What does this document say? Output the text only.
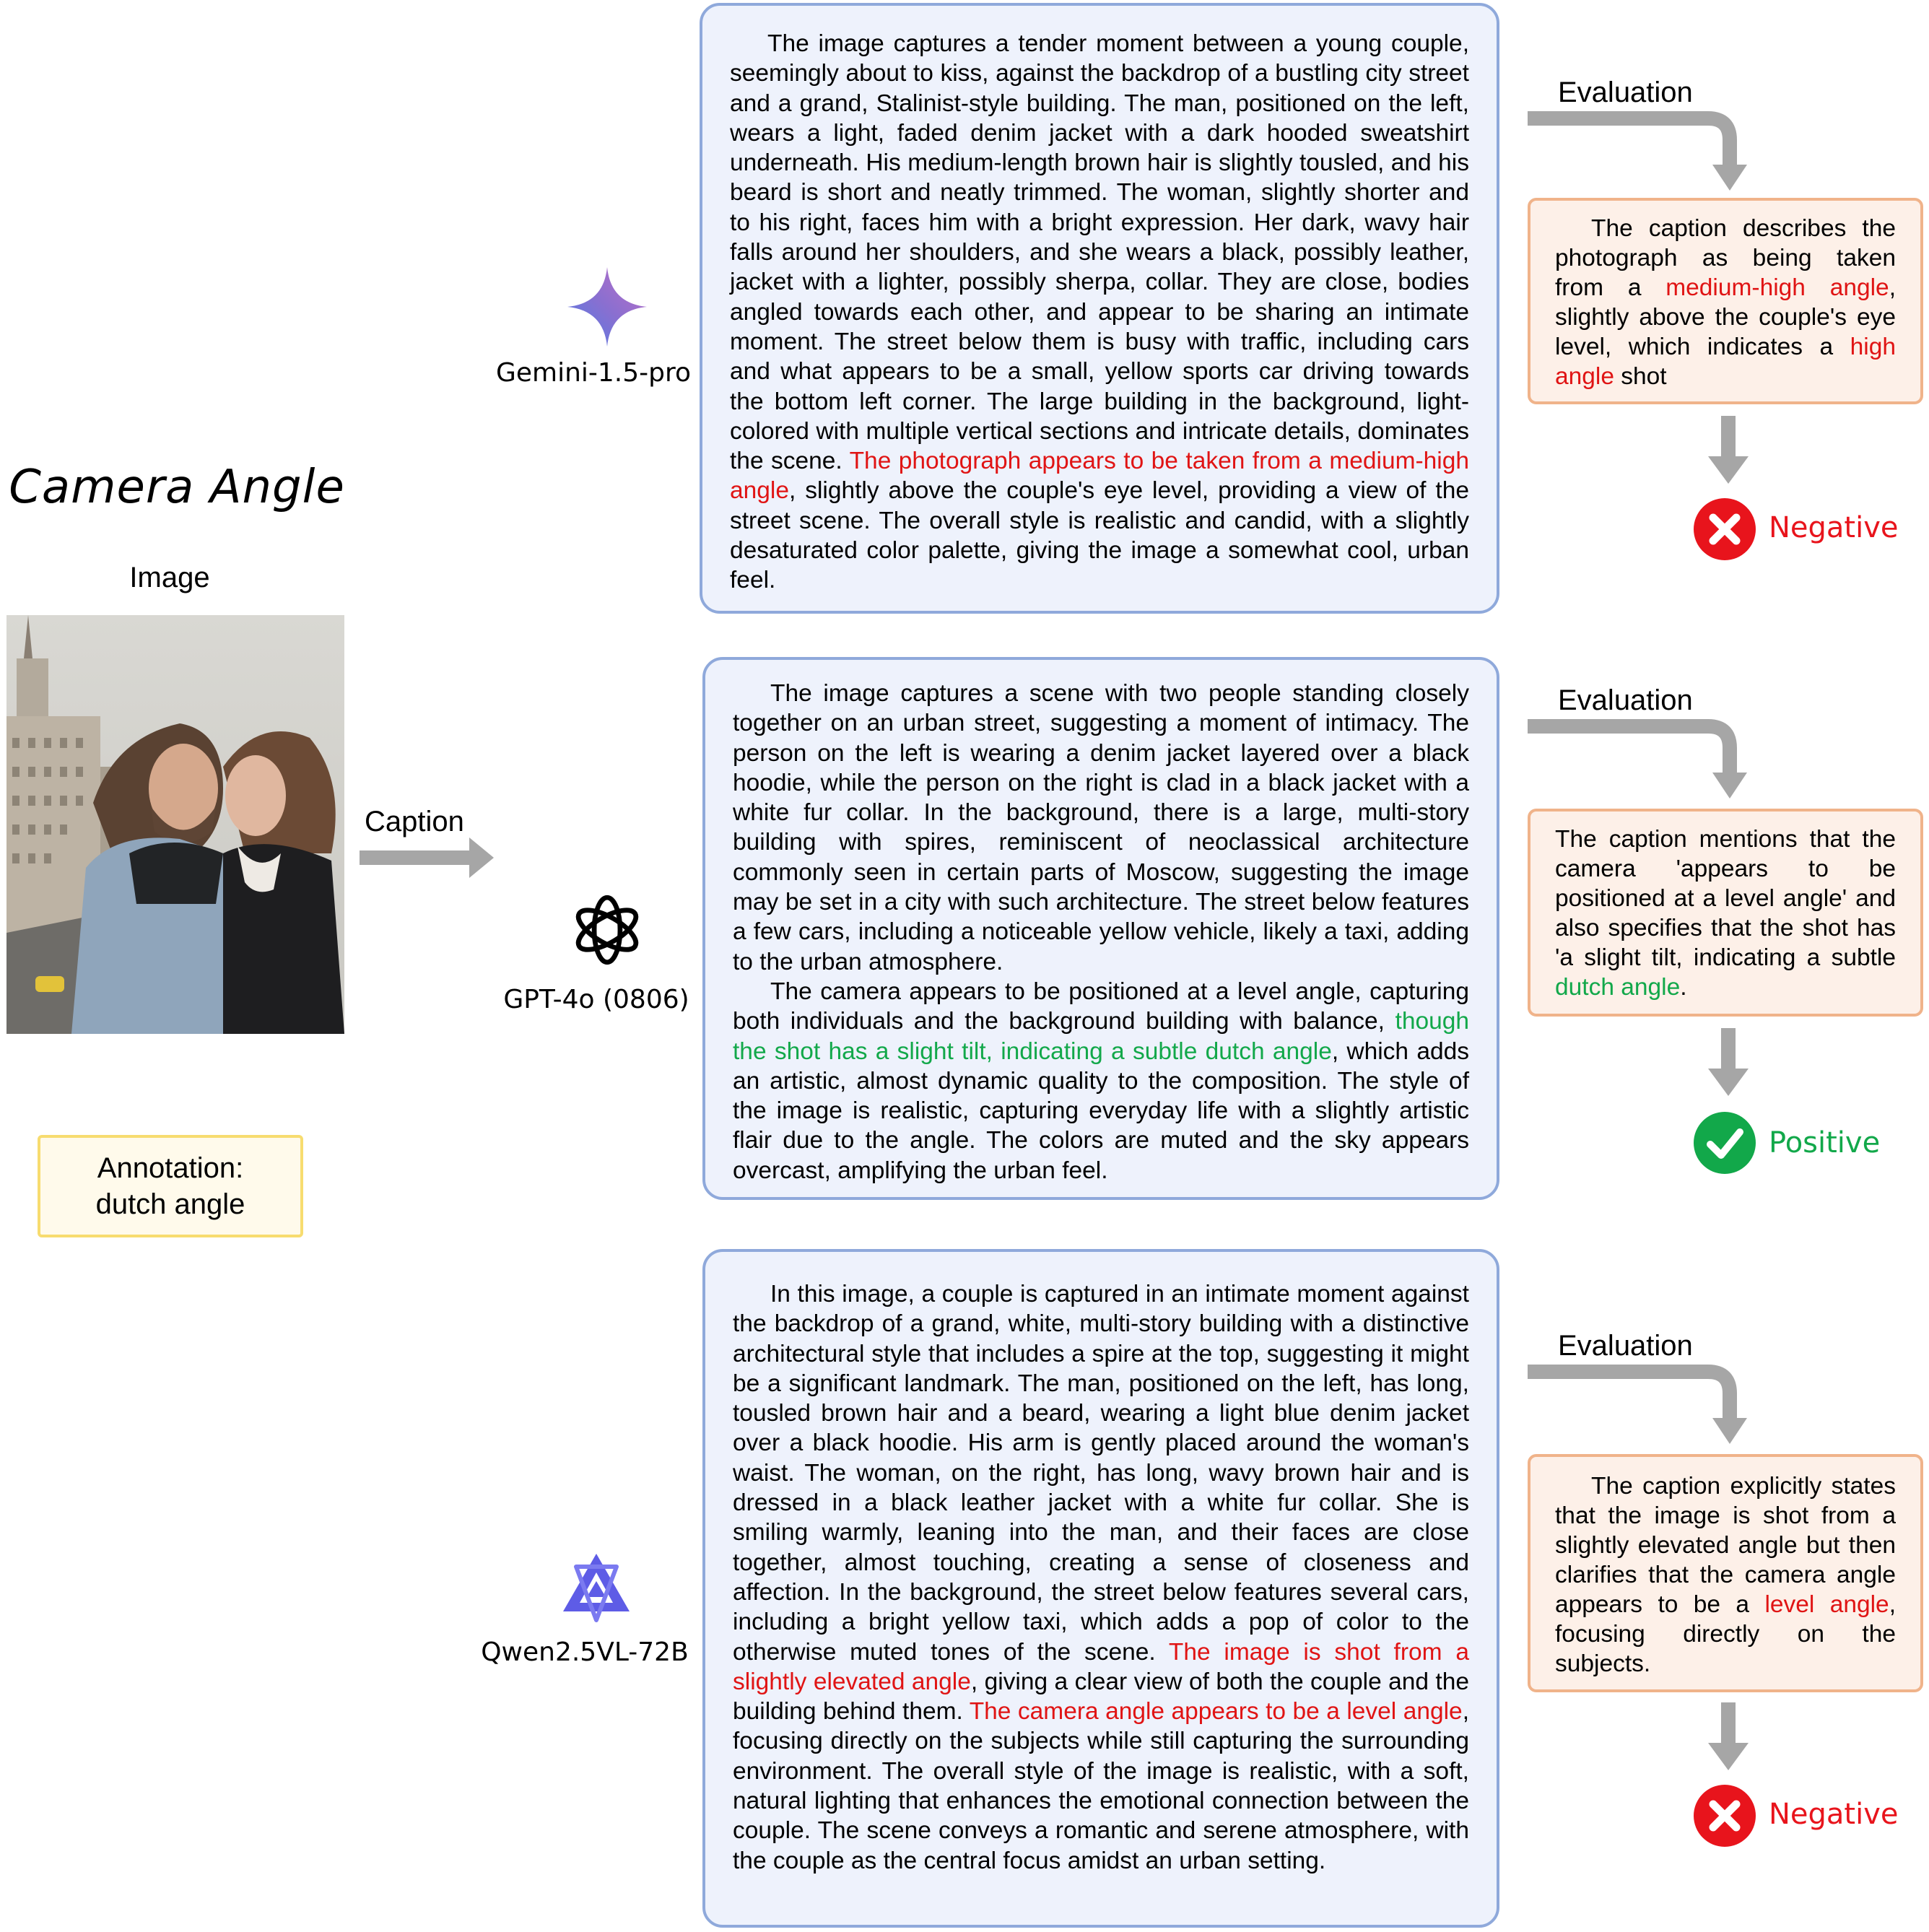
Camera Angle
Image
Annotation:
dutch angle
Caption
Gemini-1.5-pro
GPT-4o (0806)
Qwen2.5VL-72B

The image captures a tender moment between a young couple, seemingly about to kiss, against the backdrop of a bustling city street and a grand, Stalinist-style building. The man, positioned on the left, wears a light, faded denim jacket with a dark hooded sweatshirt underneath. His medium-length brown hair is slightly tousled, and his beard is short and neatly trimmed. The woman, slightly shorter and to his right, faces him with a bright expression. Her dark, wavy hair falls around her shoulders, and she wears a black, possibly leather, jacket with a lighter, possibly sherpa, collar. They are close, bodies angled towards each other, and appear to be sharing an intimate moment. The street below them is busy with traffic, including cars and what appears to be a small, yellow sports car driving towards the bottom left corner. The large building in the background, light-colored with multiple vertical sections and intricate details, dominates the scene. The photograph appears to be taken from a medium-high angle, slightly above the couple's eye level, providing a view of the street scene. The overall style is realistic and candid, with a slightly desaturated color palette, giving the image a somewhat cool, urban feel.

The image captures a scene with two people standing closely together on an urban street, suggesting a moment of intimacy. The person on the left is wearing a denim jacket layered over a black hoodie, while the person on the right is clad in a black jacket with a white fur collar. In the background, there is a large, multi-story building with spires, reminiscent of neoclassical architecture commonly seen in certain parts of Moscow, suggesting the image may be set in a city with such architecture. The street below features a few cars, including a noticeable yellow vehicle, likely a taxi, adding to the urban atmosphere.

The camera appears to be positioned at a level angle, capturing both individuals and the background building with balance, though the shot has a slight tilt, indicating a subtle dutch angle, which adds an artistic, almost dynamic quality to the composition. The style of the image is realistic, capturing everyday life with a slightly artistic flair due to the angle. The colors are muted and the sky appears overcast, amplifying the urban feel.

In this image, a couple is captured in an intimate moment against the backdrop of a grand, white, multi-story building with a distinctive architectural style that includes a spire at the top, suggesting it might be a significant landmark. The man, positioned on the left, has long, tousled brown hair and a beard, wearing a light blue denim jacket over a black hoodie. His arm is gently placed around the woman's waist. The woman, on the right, has long, wavy brown hair and is dressed in a black leather jacket with a white fur collar. She is smiling warmly, leaning into the man, and their faces are close together, almost touching, creating a sense of closeness and affection. In the background, the street below features several cars, including a bright yellow taxi, which adds a pop of color to the otherwise muted tones of the scene. The image is shot from a slightly elevated angle, giving a clear view of both the couple and the building behind them. The camera angle appears to be a level angle, focusing directly on the subjects while still capturing the surrounding environment. The overall style of the image is realistic, with a soft, natural lighting that enhances the emotional connection between the couple. The scene conveys a romantic and serene atmosphere, with the couple as the central focus amidst an urban setting.

Evaluation

The caption describes the photograph as being taken from a medium-high angle, slightly above the couple's eye level, which indicates a high angle shot

Negative
Evaluation

The caption mentions that the camera 'appears to be positioned at a level angle' and also specifies that the shot has 'a slight tilt, indicating a subtle dutch angle.

Positive
Evaluation

The caption explicitly states that the image is shot from a slightly elevated angle but then clarifies that the camera angle appears to be a level angle, focusing directly on the subjects.

Negative
